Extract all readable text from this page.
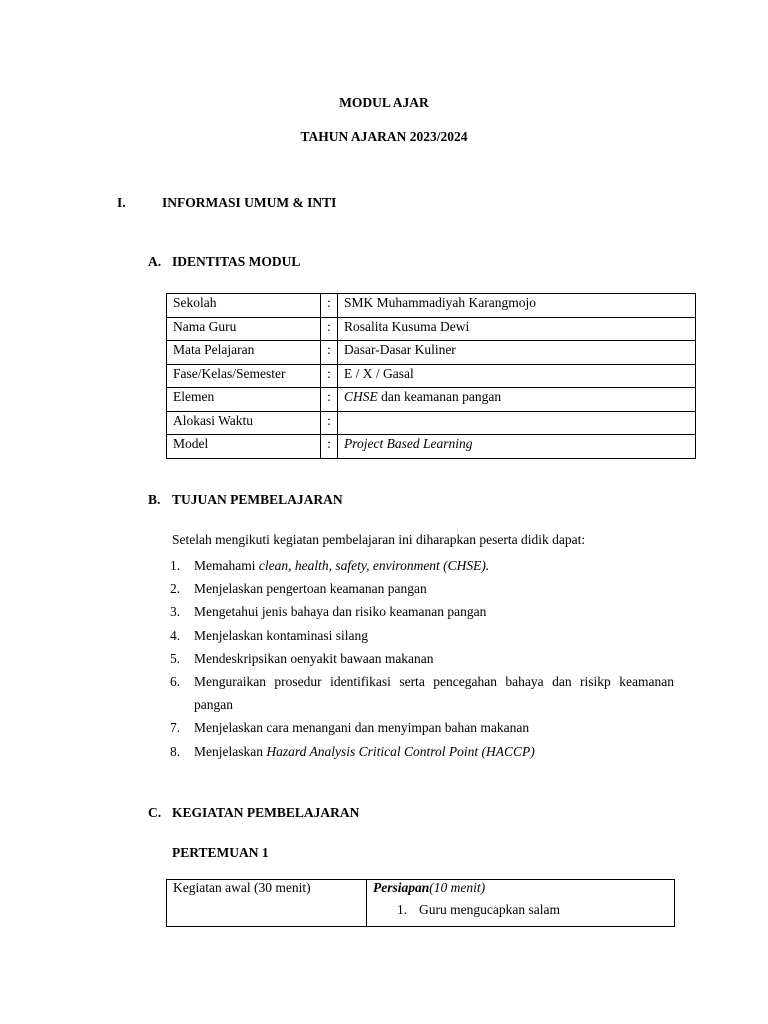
MODUL AJAR
TAHUN AJARAN 2023/2024
I.	INFORMASI UMUM & INTI
A. IDENTITAS MODUL
Sekolah	:	SMK Muhammadiyah Karangmojo
Nama Guru	:	Rosalita Kusuma Dewi
Mata Pelajaran	:	Dasar-Dasar Kuliner
Fase/Kelas/Semester	:	E / X / Gasal
Elemen	:	CHSE dan keamanan pangan
Alokasi Waktu	:	
Model	:	Project Based Learning
B. TUJUAN PEMBELAJARAN
Setelah mengikuti kegiatan pembelajaran ini diharapkan peserta didik dapat:
1. Memahami clean, health, safety, environment (CHSE).
2. Menjelaskan pengertoan keamanan pangan
3. Mengetahui jenis bahaya dan risiko keamanan pangan
4. Menjelaskan kontaminasi silang
5. Mendeskripsikan oenyakit bawaan makanan
6. Menguraikan prosedur identifikasi serta pencegahan bahaya dan risikp keamanan pangan
7. Menjelaskan cara menangani dan menyimpan bahan makanan
8. Menjelaskan Hazard Analysis Critical Control Point (HACCP)
C. KEGIATAN PEMBELAJARAN
PERTEMUAN 1
Kegiatan awal (30 menit)	Persiapan(10 menit)
1. Guru mengucapkan salam
